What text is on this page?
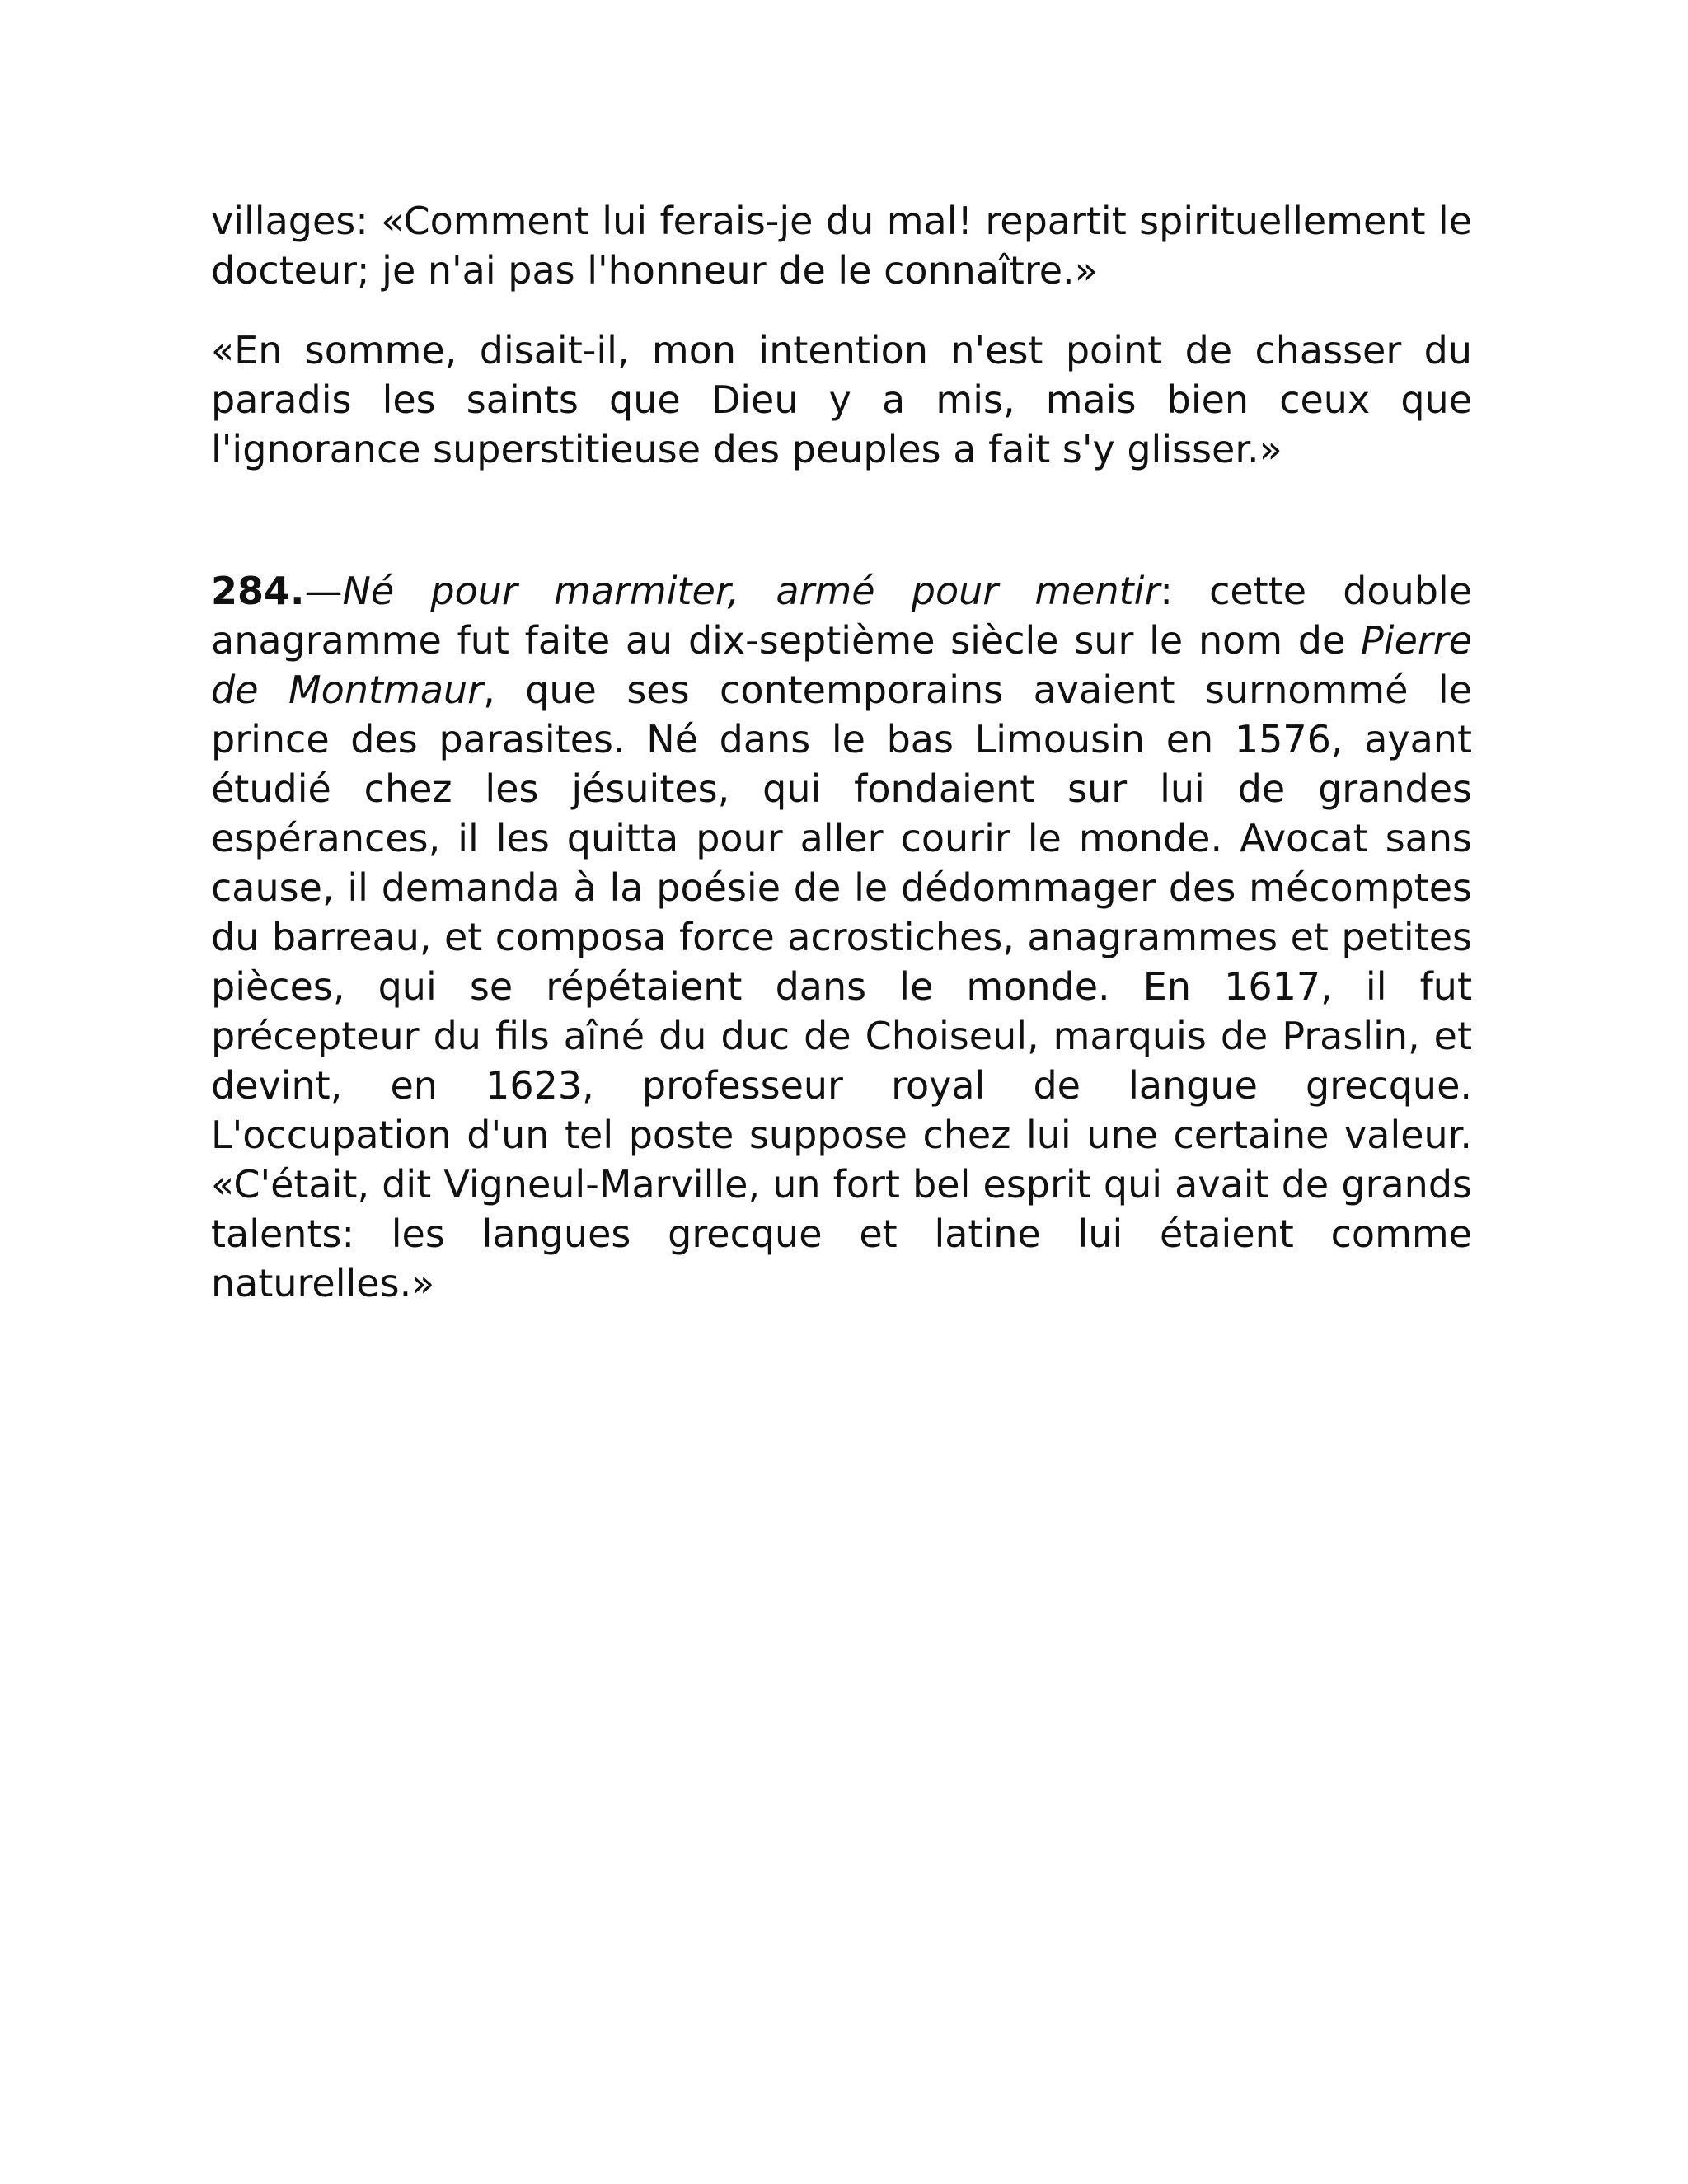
villages: «Comment lui ferais-je du mal! repartit spirituellement le docteur; je n'ai pas l'honneur de le connaître.»

«En somme, disait-il, mon intention n'est point de chasser du paradis les saints que Dieu y a mis, mais bien ceux que l'ignorance superstitieuse des peuples a fait s'y glisser.»

284.—Né pour marmiter, armé pour mentir: cette double anagramme fut faite au dix-septième siècle sur le nom de Pierre de Montmaur, que ses contemporains avaient surnommé le prince des parasites. Né dans le bas Limousin en 1576, ayant étudié chez les jésuites, qui fondaient sur lui de grandes espérances, il les quitta pour aller courir le monde. Avocat sans cause, il demanda à la poésie de le dédommager des mécomptes du barreau, et composa force acrostiches, anagrammes et petites pièces, qui se répétaient dans le monde. En 1617, il fut précepteur du fils aîné du duc de Choiseul, marquis de Praslin, et devint, en 1623, professeur royal de langue grecque. L'occupation d'un tel poste suppose chez lui une certaine valeur. «C'était, dit Vigneul-Marville, un fort bel esprit qui avait de grands talents: les langues grecque et latine lui étaient comme naturelles.»
